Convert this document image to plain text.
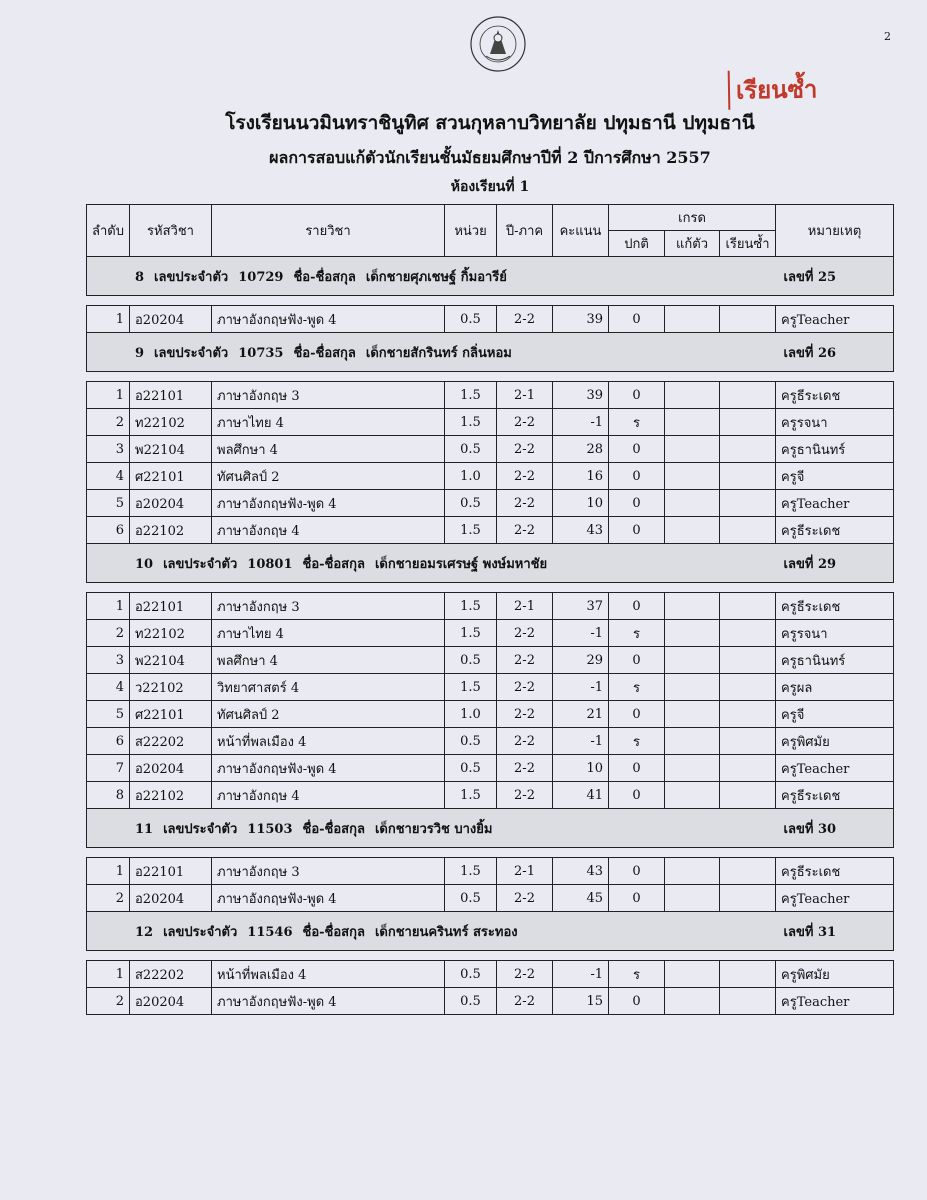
2
เรียนซ้ำ
โรงเรียนนวมินทราชินูทิศ สวนกุหลาบวิทยาลัย ปทุมธานี ปทุมธานี
ผลการสอบแก้ตัวนักเรียนชั้นมัธยมศึกษาปีที่ 2 ปีการศึกษา 2557
ห้องเรียนที่ 1
ลำดับ	รหัสวิชา	รายวิชา	หน่วย	ปี-ภาค	คะแนน	เกรด			หมายเหตุ
						ปกติ	แก้ตัว	เรียนซ้ำ	
8 เลขประจำตัว 10729 ชื่อ-ชื่อสกุล เด็กชายศุภเชษฐ์ กิ้มอารีย์									เลขที่ 25

1	อ20204	ภาษาอังกฤษฟัง-พูด 4	0.5	2-2	39	0			ครูTeacher
9 เลขประจำตัว 10735 ชื่อ-ชื่อสกุล เด็กชายสักรินทร์ กลิ่นหอม									เลขที่ 26

1	อ22101	ภาษาอังกฤษ 3	1.5	2-1	39	0			ครูธีระเดช
2	ท22102	ภาษาไทย 4	1.5	2-2	-1	ร			ครูรจนา
3	พ22104	พลศึกษา 4	0.5	2-2	28	0			ครูธานินทร์
4	ศ22101	ทัศนศิลป์ 2	1.0	2-2	16	0			ครูจี
5	อ20204	ภาษาอังกฤษฟัง-พูด 4	0.5	2-2	10	0			ครูTeacher
6	อ22102	ภาษาอังกฤษ 4	1.5	2-2	43	0			ครูธีระเดช
10 เลขประจำตัว 10801 ชื่อ-ชื่อสกุล เด็กชายอมรเศรษฐ์ พงษ์มหาชัย									เลขที่ 29

1	อ22101	ภาษาอังกฤษ 3	1.5	2-1	37	0			ครูธีระเดช
2	ท22102	ภาษาไทย 4	1.5	2-2	-1	ร			ครูรจนา
3	พ22104	พลศึกษา 4	0.5	2-2	29	0			ครูธานินทร์
4	ว22102	วิทยาศาสตร์ 4	1.5	2-2	-1	ร			ครูผล
5	ศ22101	ทัศนศิลป์ 2	1.0	2-2	21	0			ครูจี
6	ส22202	หน้าที่พลเมือง 4	0.5	2-2	-1	ร			ครูพิศมัย
7	อ20204	ภาษาอังกฤษฟัง-พูด 4	0.5	2-2	10	0			ครูTeacher
8	อ22102	ภาษาอังกฤษ 4	1.5	2-2	41	0			ครูธีระเดช
11 เลขประจำตัว 11503 ชื่อ-ชื่อสกุล เด็กชายวรวิช บางยิ้ม									เลขที่ 30

1	อ22101	ภาษาอังกฤษ 3	1.5	2-1	43	0			ครูธีระเดช
2	อ20204	ภาษาอังกฤษฟัง-พูด 4	0.5	2-2	45	0			ครูTeacher
12 เลขประจำตัว 11546 ชื่อ-ชื่อสกุล เด็กชายนครินทร์ สระทอง									เลขที่ 31

1	ส22202	หน้าที่พลเมือง 4	0.5	2-2	-1	ร			ครูพิศมัย
2	อ20204	ภาษาอังกฤษฟัง-พูด 4	0.5	2-2	15	0			ครูTeacher
